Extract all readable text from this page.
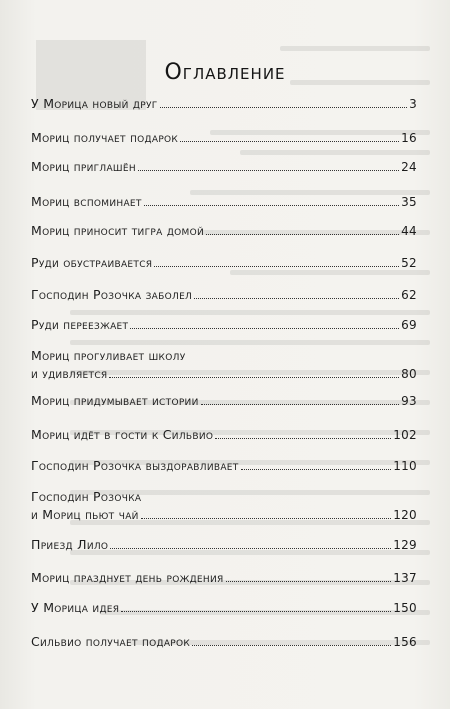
Оглавление
У Морица новый друг	3
Мориц получает подарок	16
Мориц приглашён	24
Мориц вспоминает	35
Мориц приносит тигра домой	44
Руди обустраивается	52
Господин Розочка заболел	62
Руди переезжает	69
Мориц прогуливает школу
и удивляется	80
Мориц придумывает истории	93
Мориц идёт в гости к Сильвио	102
Господин Розочка выздоравливает	110
Господин Розочка
и Мориц пьют чай	120
Приезд Лило	129
Мориц празднует день рождения	137
У Морица идея	150
Сильвио получает подарок	156
